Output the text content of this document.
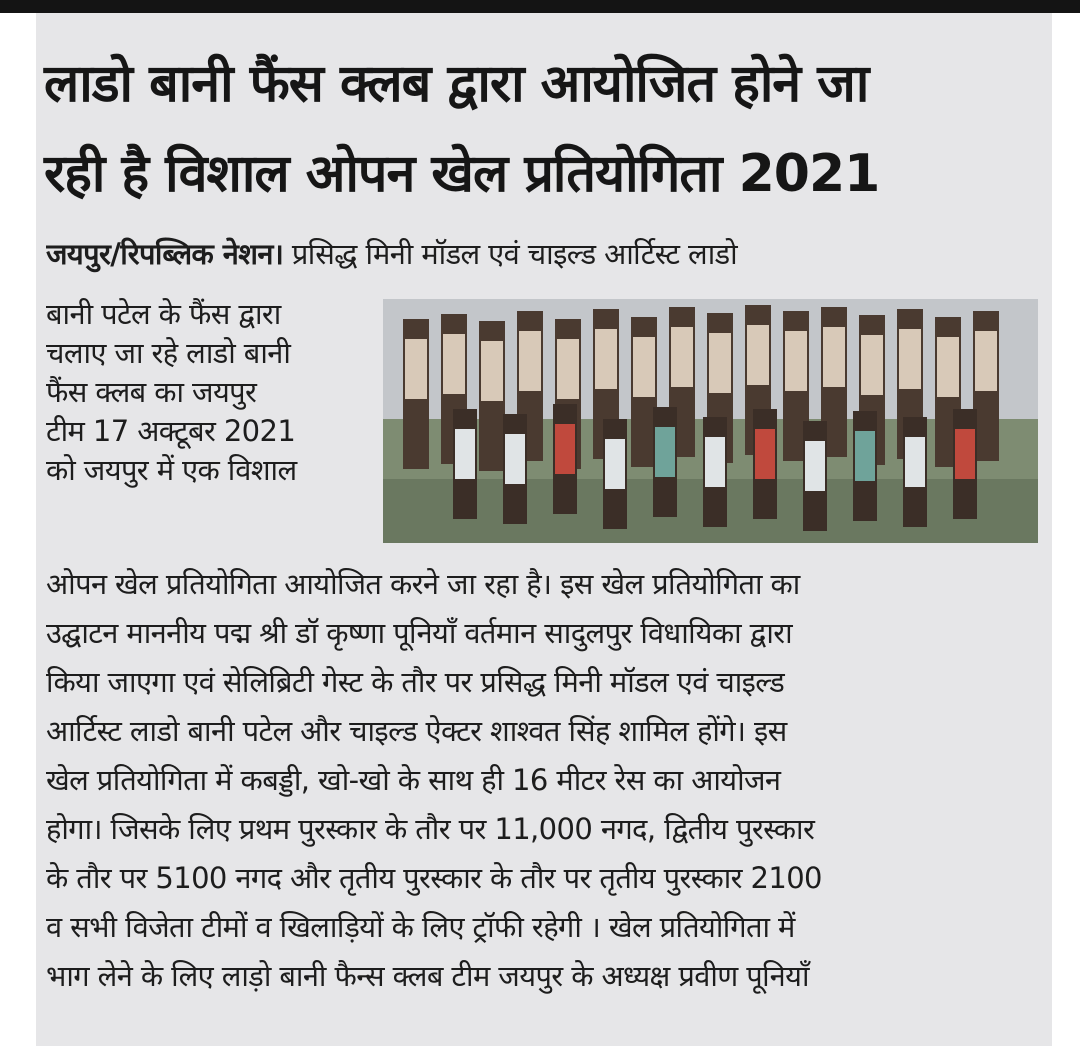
लाडो बानी फैंस क्लब द्वारा आयोजित होने जा
रही है विशाल ओपन खेल प्रतियोगिता 2021
जयपुर/रिपब्लिक नेशन। प्रसिद्ध मिनी मॉडल एवं चाइल्ड आर्टिस्ट लाडो
बानी पटेल के फैंस द्वारा
चलाए जा रहे लाडो बानी
फैंस क्लब का जयपुर
टीम 17 अक्टूबर 2021
को जयपुर में एक विशाल
ओपन खेल प्रतियोगिता आयोजित करने जा रहा है। इस खेल प्रतियोगिता का
उद्घाटन माननीय पद्म श्री डॉ कृष्णा पूनियाँ वर्तमान सादुलपुर विधायिका द्वारा
किया जाएगा एवं सेलिब्रिटी गेस्ट के तौर पर प्रसिद्ध मिनी मॉडल एवं चाइल्ड
आर्टिस्ट लाडो बानी पटेल और चाइल्ड ऐक्टर शाश्वत सिंह शामिल होंगे। इस
खेल प्रतियोगिता में कबड्डी, खो-खो के साथ ही 16 मीटर रेस का आयोजन
होगा। जिसके लिए प्रथम पुरस्कार के तौर पर 11,000 नगद, द्वितीय पुरस्कार
के तौर पर 5100 नगद और तृतीय पुरस्कार के तौर पर तृतीय पुरस्कार 2100
व सभी विजेता टीमों व खिलाड़ियों के लिए ट्रॉफी रहेगी । खेल प्रतियोगिता में
भाग लेने के लिए लाड़ो बानी फैन्स क्लब टीम जयपुर के अध्यक्ष प्रवीण पूनियाँ
